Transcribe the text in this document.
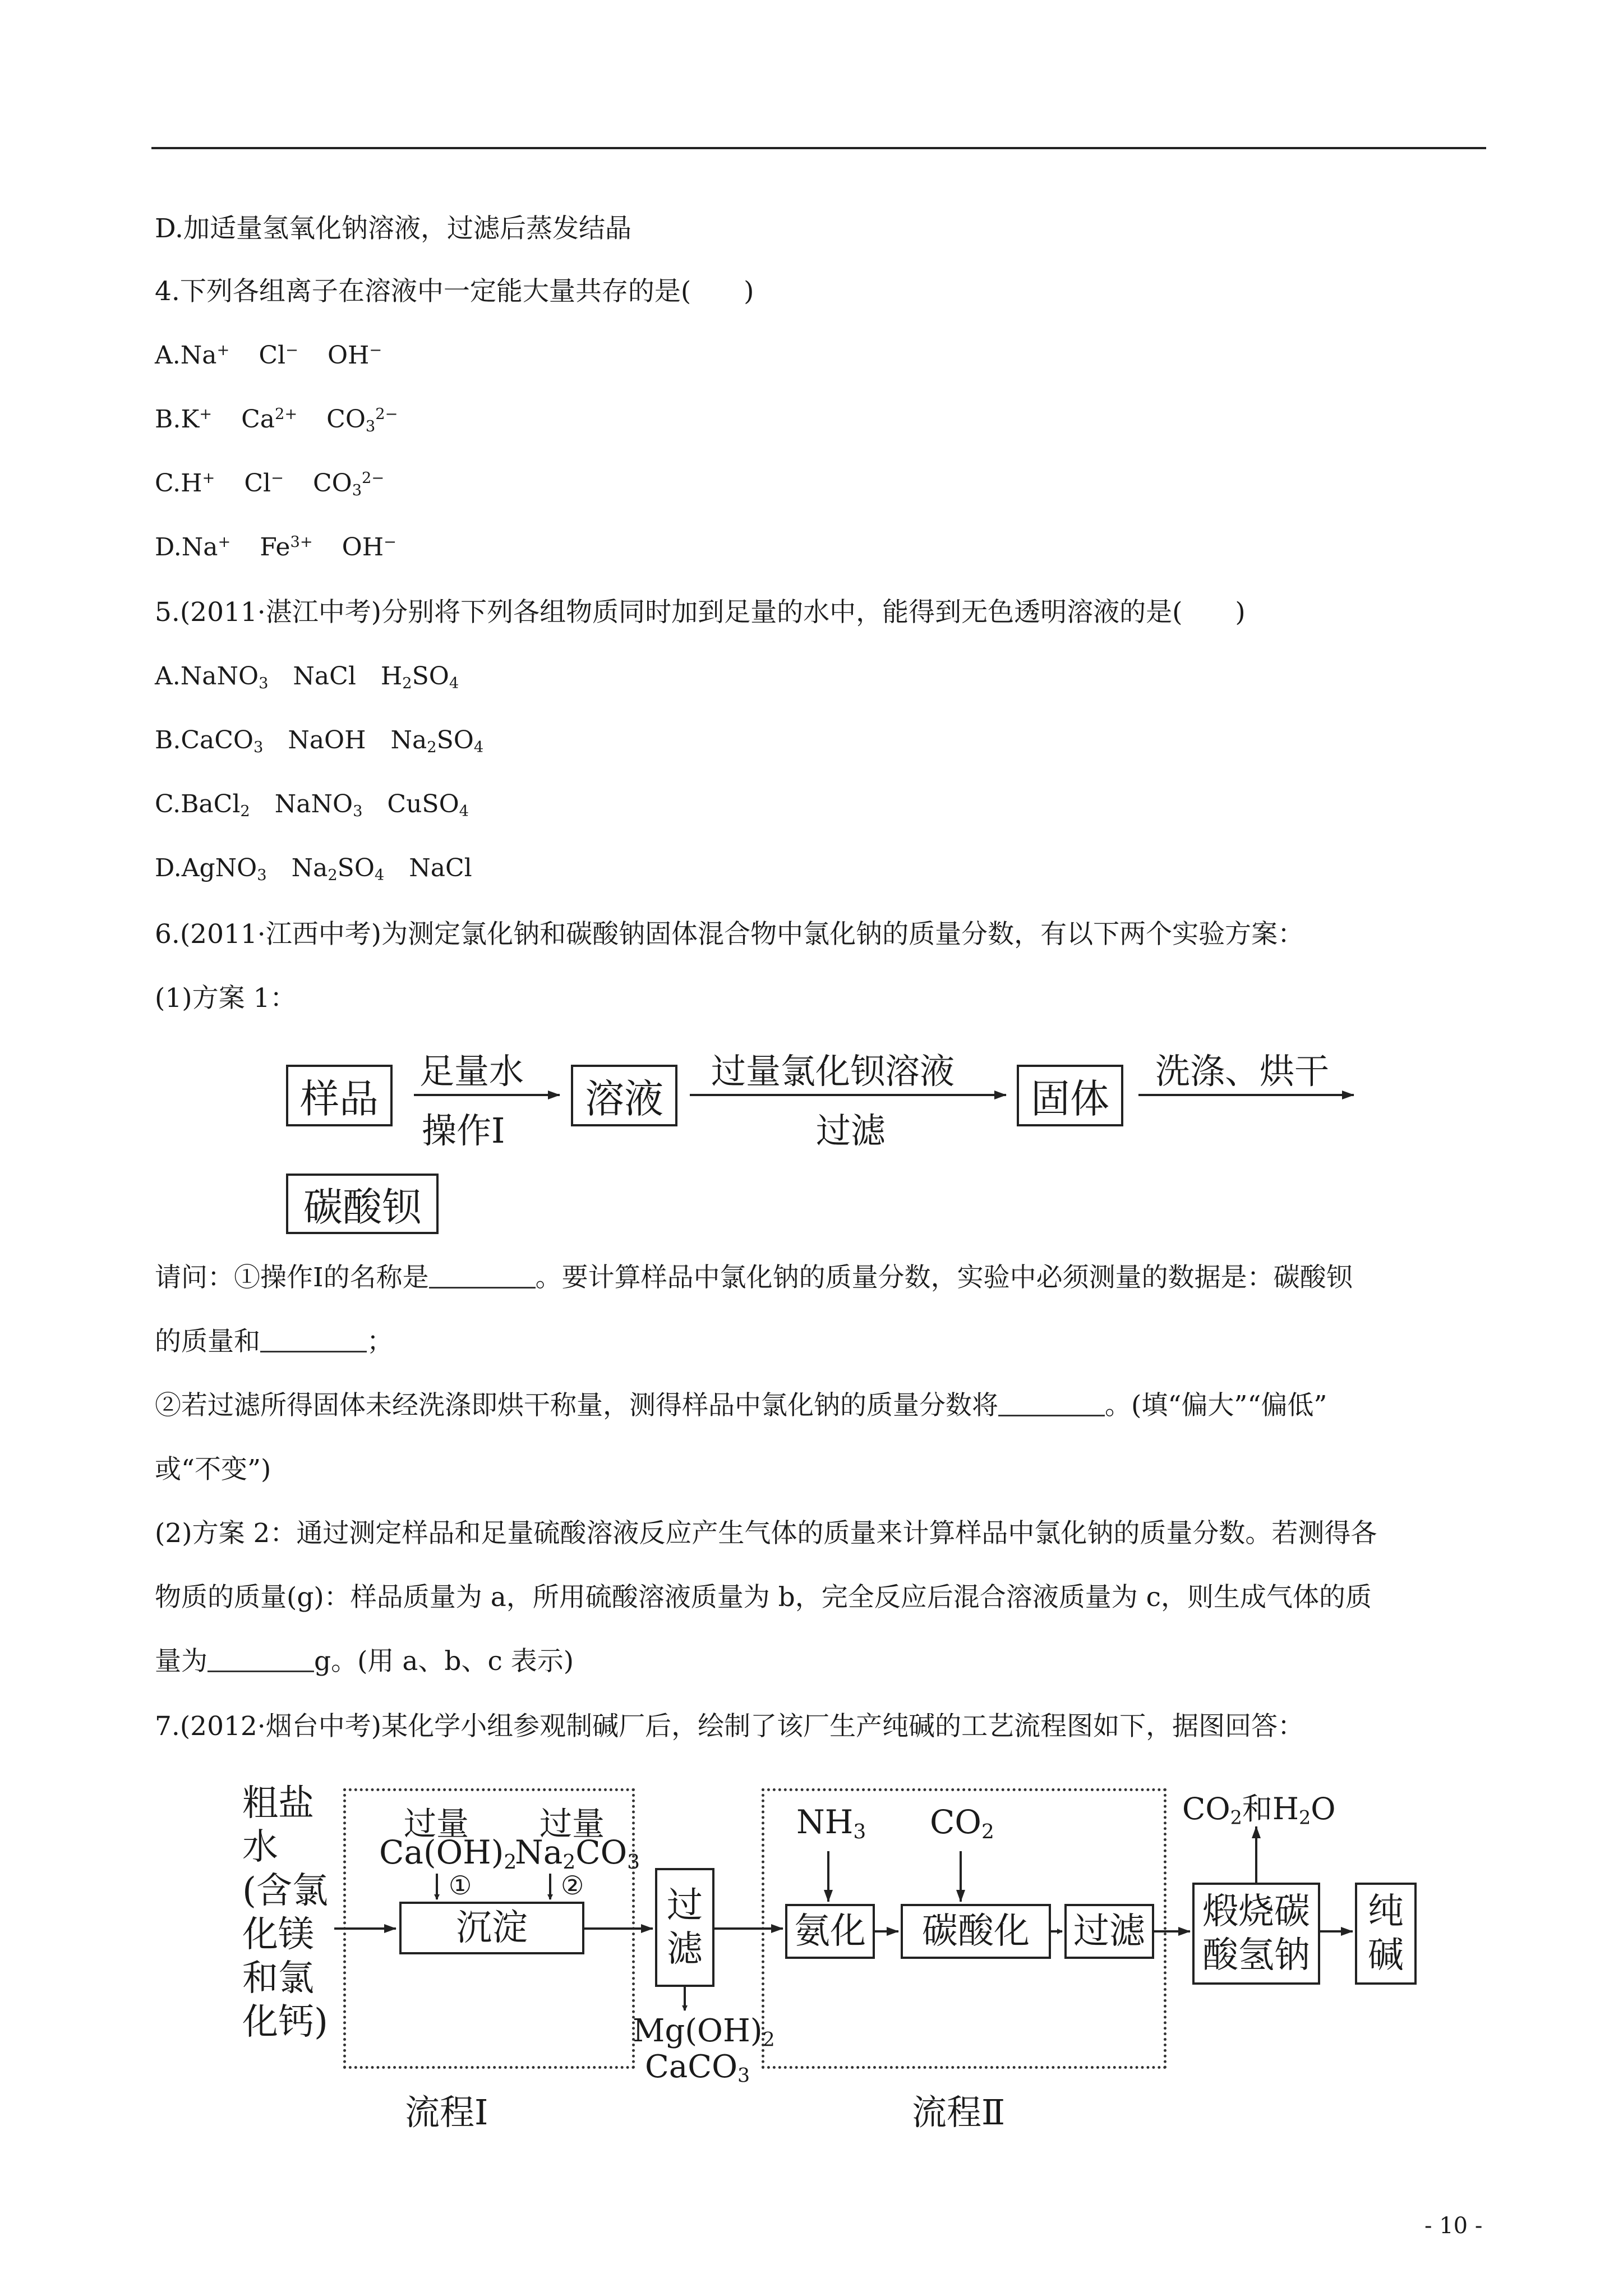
D.加适量氢氧化钠溶液，过滤后蒸发结晶
4.下列各组离子在溶液中一定能大量共存的是(　　)
A.Na+ Cl− OH−
B.K+ $Ca^{2+}$ $CO_3^{2-}$
C.H+ Cl− $CO_3^{2-}$
D.Na+ $Fe^{3+}$ OH−
5.(2011·湛江中考)分别将下列各组物质同时加到足量的水中，能得到无色透明溶液的是(　　)
A.NaNO$_3$　NaCl　$H_2SO_4$
B.CaCO$_3$　NaOH　$Na_2SO_4$
C.BaCl$_2$　NaNO$_3$　CuSO$_4$
D.AgNO$_3$　$Na_2SO_4$　NaCl
6.(2011·江西中考)为测定氯化钠和碳酸钠固体混合物中氯化钠的质量分数，有以下两个实验方案：
(1)方案 1：
样品
足量水
操作Ⅰ
溶液
过量氯化钡溶液
过滤
固体
洗涤、烘干
碳酸钡
请问：①操作Ⅰ的名称是	。要计算样品中氯化钠的质量分数，实验中必须测量的数据是：碳酸钡
的质量和	；
②若过滤所得固体未经洗涤即烘干称量，测得样品中氯化钠的质量分数将	。(填“偏大”“偏低”
或“不变”)
(2)方案 2：通过测定样品和足量硫酸溶液反应产生气体的质量来计算样品中氯化钠的质量分数。若测得各
物质的质量(g)：样品质量为 a，所用硫酸溶液质量为 b，完全反应后混合溶液质量为 c，则生成气体的质
量为	g。(用 a、b、c 表示)
7.(2012·烟台中考)某化学小组参观制碱厂后，绘制了该厂生产纯碱的工艺流程图如下，据图回答：
粗盐
水
(含氯
化镁
和氯
化钙)
过量 过量
$Ca(OH)_2$
$Na_2CO_3$
①	②
沉淀
过
滤
$Mg(OH)_2$
CaCO$_3$
$NH_3$ $CO_2$
氨化	碳酸化	过滤
$CO_2$和$H_2O$
煅烧碳
酸氢钠
纯
碱
流程Ⅰ	流程Ⅱ
- 10 -
